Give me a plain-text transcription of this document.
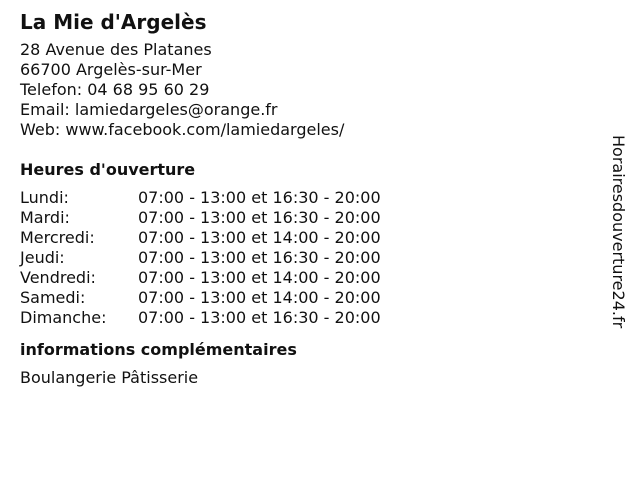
La Mie d'Argelès
28 Avenue des Platanes
66700 Argelès-sur-Mer
Telefon: 04 68 95 60 29
Email: lamiedargeles@orange.fr
Web: www.facebook.com/lamiedargeles/
Heures d'ouverture
Lundi:	07:00 - 13:00 et 16:30 - 20:00
Mardi:	07:00 - 13:00 et 16:30 - 20:00
Mercredi:	07:00 - 13:00 et 14:00 - 20:00
Jeudi:	07:00 - 13:00 et 16:30 - 20:00
Vendredi:	07:00 - 13:00 et 14:00 - 20:00
Samedi:	07:00 - 13:00 et 14:00 - 20:00
Dimanche:	07:00 - 13:00 et 16:30 - 20:00
informations complémentaires
Boulangerie Pâtisserie
Horairesdouverture24.fr
